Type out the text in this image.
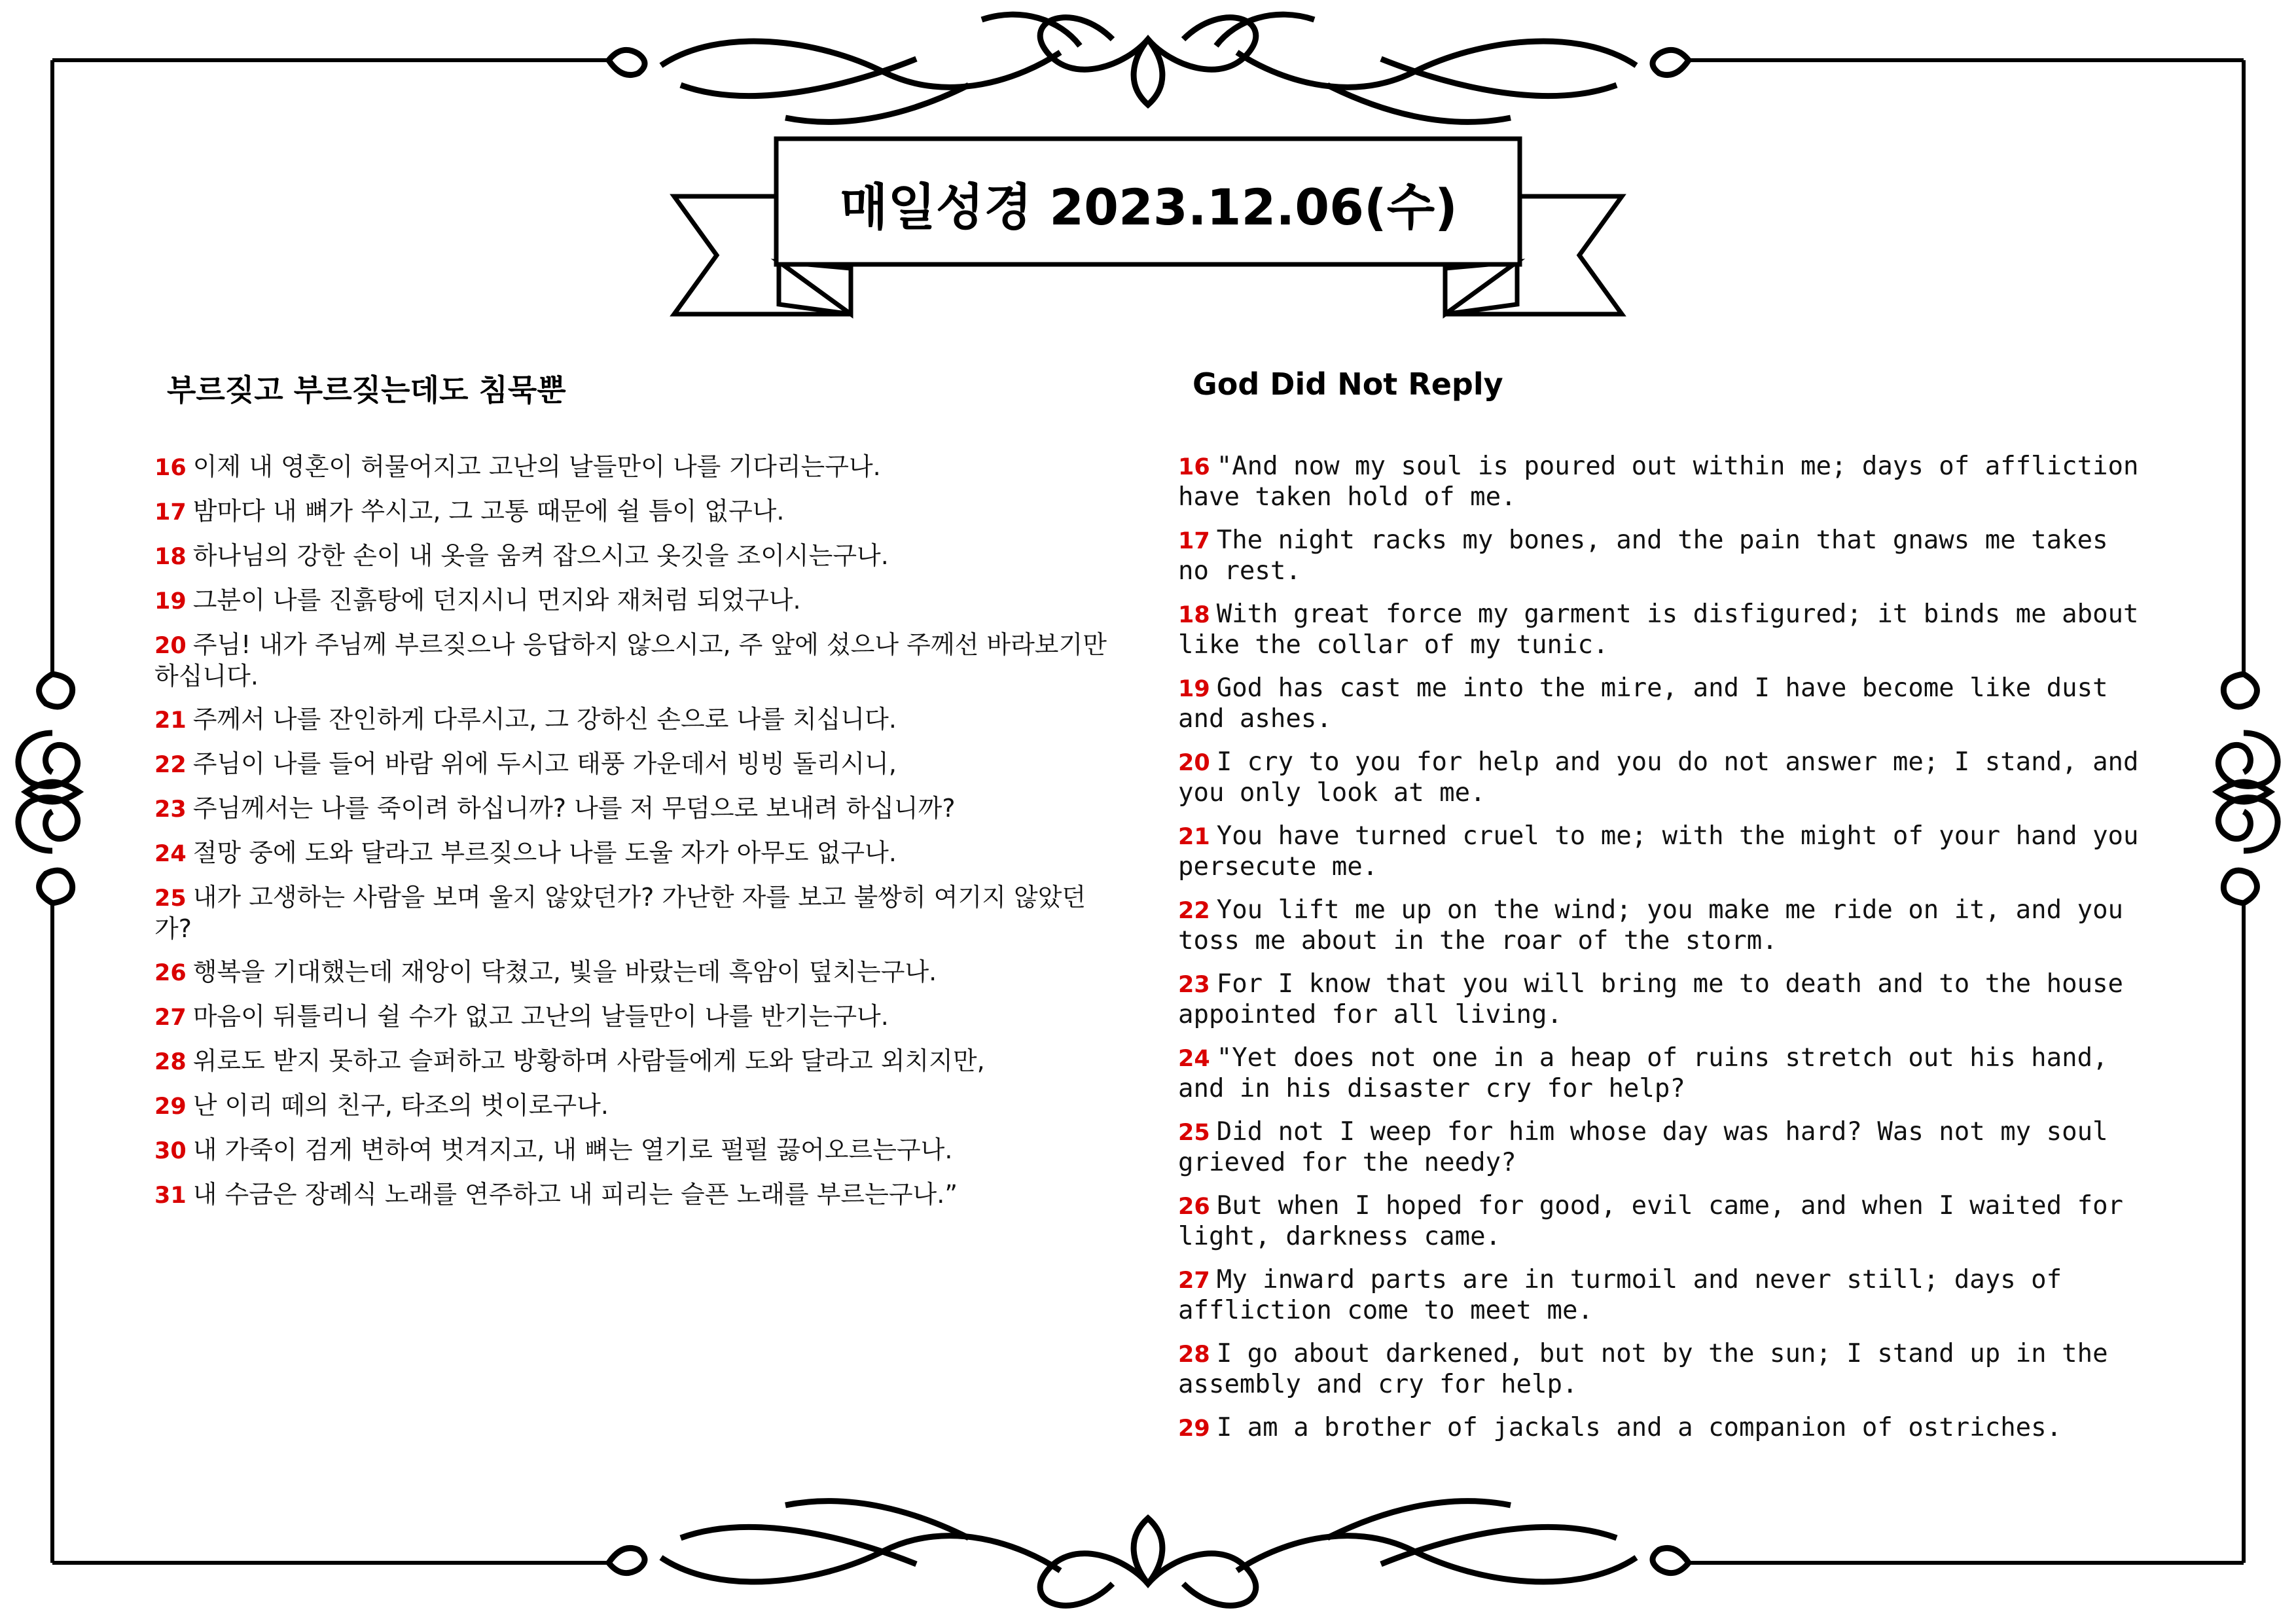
매일성경 2023.12.06(수)
부르짖고 부르짖는데도 침묵뿐	God Did Not Reply

16 이제 내 영혼이 허물어지고 고난의 날들만이 나를 기다리는구나.

17 밤마다 내 뼈가 쑤시고, 그 고통 때문에 쉴 틈이 없구나.

18 하나님의 강한 손이 내 옷을 움켜 잡으시고 옷깃을 조이시는구나.

19 그분이 나를 진흙탕에 던지시니 먼지와 재처럼 되었구나.

20 주님! 내가 주님께 부르짖으나 응답하지 않으시고, 주 앞에 섰으나 주께선 바라보기만 하십니다.

21 주께서 나를 잔인하게 다루시고, 그 강하신 손으로 나를 치십니다.

22 주님이 나를 들어 바람 위에 두시고 태풍 가운데서 빙빙 돌리시니,

23 주님께서는 나를 죽이려 하십니까? 나를 저 무덤으로 보내려 하십니까?

24 절망 중에 도와 달라고 부르짖으나 나를 도울 자가 아무도 없구나.

25 내가 고생하는 사람을 보며 울지 않았던가? 가난한 자를 보고 불쌍히 여기지 않았던가?

26 행복을 기대했는데 재앙이 닥쳤고, 빛을 바랐는데 흑암이 덮치는구나.

27 마음이 뒤틀리니 쉴 수가 없고 고난의 날들만이 나를 반기는구나.

28 위로도 받지 못하고 슬퍼하고 방황하며 사람들에게 도와 달라고 외치지만,

29 난 이리 떼의 친구, 타조의 벗이로구나.

30 내 가죽이 검게 변하여 벗겨지고, 내 뼈는 열기로 펄펄 끓어오르는구나.

31 내 수금은 장례식 노래를 연주하고 내 피리는 슬픈 노래를 부르는구나.”

16 "And now my soul is poured out within me; days of affliction have taken hold of me.

17 The night racks my bones, and the pain that gnaws me takes no rest.

18 With great force my garment is disfigured; it binds me about like the collar of my tunic.

19 God has cast me into the mire, and I have become like dust and ashes.

20 I cry to you for help and you do not answer me; I stand, and you only look at me.

21 You have turned cruel to me; with the might of your hand you persecute me.

22 You lift me up on the wind; you make me ride on it, and you toss me about in the roar of the storm.

23 For I know that you will bring me to death and to the house appointed for all living.

24 "Yet does not one in a heap of ruins stretch out his hand, and in his disaster cry for help?

25 Did not I weep for him whose day was hard? Was not my soul grieved for the needy?

26 But when I hoped for good, evil came, and when I waited for light, darkness came.

27 My inward parts are in turmoil and never still; days of affliction come to meet me.

28 I go about darkened, but not by the sun; I stand up in the assembly and cry for help.

29 I am a brother of jackals and a companion of ostriches.
